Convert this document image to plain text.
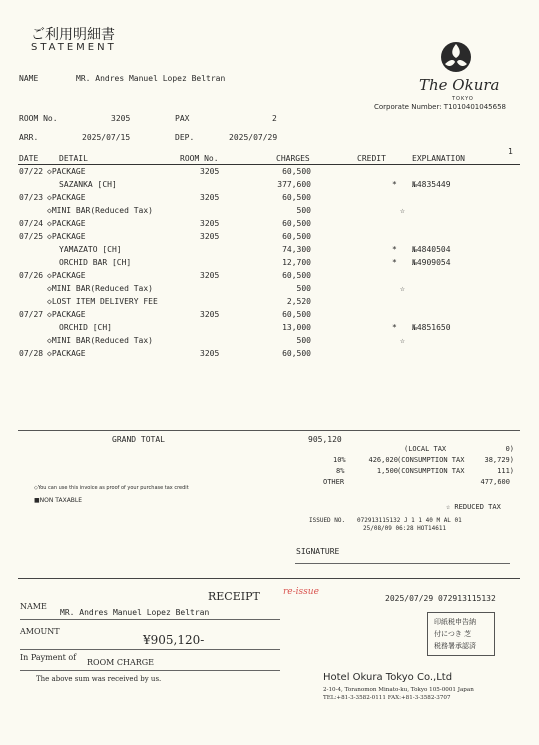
ご利用明細書
STATEMENT
The Okura
TOKYO
Corporate Number: T1010401045658
NAME	MR. Andres Manuel Lopez Beltran
ROOM No.	3205	PAX	2
ARR.	2025/07/15	DEP.	2025/07/29
1
DATE	DETAIL	ROOM No.	CHARGES	CREDIT	EXPLANATION
07/22 ◇PACKAGE	3205	60,500
SAZANKA [CH]	377,600	* №4835449
07/23 ◇PACKAGE	3205	60,500
◇MINI BAR(Reduced Tax)	500	☆
07/24 ◇PACKAGE	3205	60,500
07/25 ◇PACKAGE	3205	60,500
YAMAZATO [CH]	74,300	* №4840504
ORCHID BAR [CH]	12,700	* №4909054
07/26 ◇PACKAGE	3205	60,500
◇MINI BAR(Reduced Tax)	500	☆
◇LOST ITEM DELIVERY FEE	2,520
07/27 ◇PACKAGE	3205	60,500
ORCHID [CH]	13,000	* №4851650
◇MINI BAR(Reduced Tax)	500	☆
07/28 ◇PACKAGE	3205	60,500
GRAND TOTAL	905,120
(LOCAL TAX	0)
10%	426,020 (CONSUMPTION TAX	38,729)
8%	1,500 (CONSUMPTION TAX	111)
OTHER	477,600
◇You can use this invoice as proof of your purchase tax credit
■NON TAXABLE
☆ REDUCED TAX
ISSUED NO. 072913115132 J 1 1 40 M AL 01
25/08/09 06:28 HOT14611
SIGNATURE
RECEIPT	re-issue
2025/07/29 072913115132
NAME
MR. Andres Manuel Lopez Beltran
AMOUNT
¥905,120-
In Payment of
ROOM CHARGE
The above sum was received by us.
印紙税申告納
付につき 芝
税務署承認済
Hotel Okura Tokyo Co.,Ltd
2-10-4, Toranomon Minato-ku, Tokyo 105-0001 Japan
TEL:+81-3-3582-0111 FAX:+81-3-3582-3707
